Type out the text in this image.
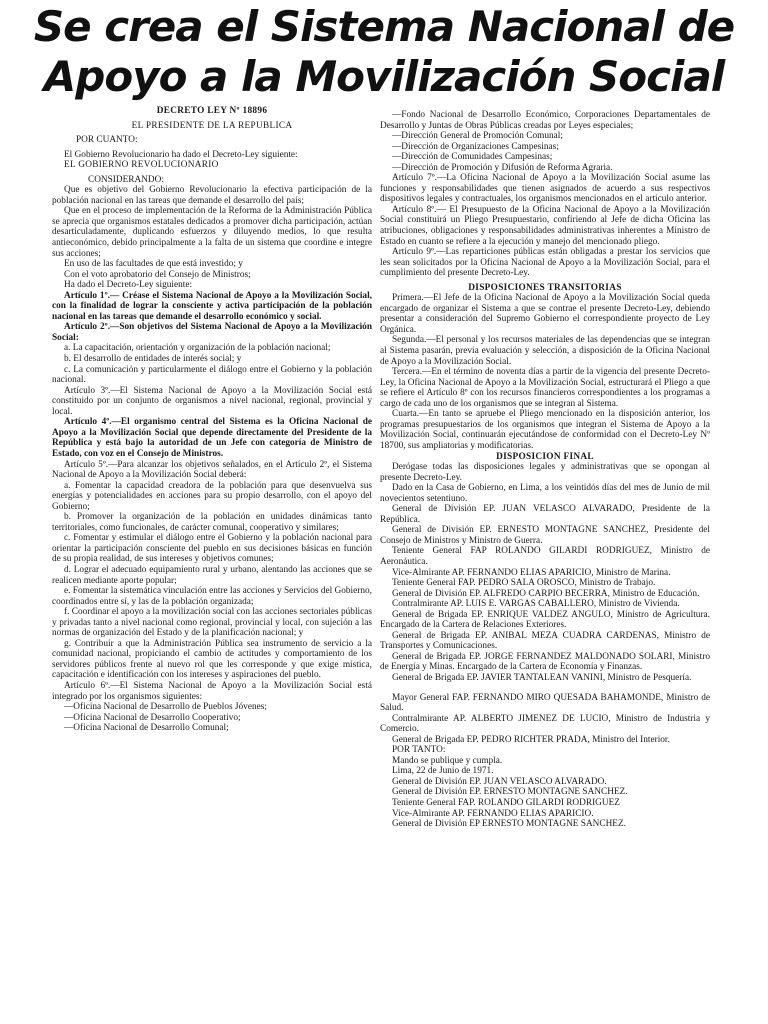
Se crea el Sistema Nacional de
Apoyo a la Movilización Social

DECRETO LEY Nº 18896

EL PRESIDENTE DE LA REPUBLICA

POR CUANTO:

El Gobierno Revolucionario ha dado el Decreto-Ley siguiente:

EL GOBIERNO REVOLUCIONARIO

CONSIDERANDO:

Que es objetivo del Gobierno Revolucionario la efectiva participación de la población nacional en las tareas que demande el desarrollo del país;

Que en el proceso de implementación de la Reforma de la Administración Pública se aprecia que organismos estatales dedicados a promover dicha participación, actúan desarticuladamente, duplicando esfuerzos y diluyendo medios, lo que resulta antieconómico, debido principalmente a la falta de un sistema que coordine e integre sus acciones;

En uso de las facultades de que está investido; y

Con el voto aprobatorio del Consejo de Ministros;

Ha dado el Decreto-Ley siguiente:

Artículo 1º.— Créase el Sistema Nacional de Apoyo a la Movilización Social, con la finalidad de lograr la consciente y activa participación de la población nacional en las tareas que demande el desarrollo económico y social.

Artículo 2º.—Son objetivos del Sistema Nacional de Apoyo a la Movilización Social:

a. La capacitación, orientación y organización de la población nacional;

b. El desarrollo de entidades de interés social; y

c. La comunicación y particularmente el diálogo entre el Gobierno y la población nacional.

Artículo 3º.—El Sistema Nacional de Apoyo a la Movilización Social está constituido por un conjunto de organismos a nivel nacional, regional, provincial y local.

Artículo 4º.—El organismo central del Sistema es la Oficina Nacional de Apoyo a la Movilización Social que depende directamente del Presidente de la República y está bajo la autoridad de un Jefe con categoría de Ministro de Estado, con voz en el Consejo de Ministros.

Artículo 5º.—Para alcanzar los objetivos señalados, en el Artículo 2º, el Sistema Nacional de Apoyo a la Movilización Social deberá:

a. Fomentar la capacidad creadora de la población para que desenvuelva sus energías y potencialidades en acciones para su propio desarrollo, con el apoyo del Gobierno;

b. Promover la organización de la población en unidades dinámicas tanto territoriales, como funcionales, de carácter comunal, cooperativo y similares;

c. Fomentar y estimular el diálogo entre el Gobierno y la población nacional para orientar la participación consciente del pueblo en sus decisiones básicas en función de su propia realidad, de sus intereses y objetivos comunes;

d. Lograr el adecuado equipamiento rural y urbano, alentando las acciones que se realicen mediante aporte popular;

e. Fomentar la sistemática vinculación entre las acciones y Servicios del Gobierno, coordinados entre sí, y las de la población organizada;

f. Coordinar el apoyo a la movilización social con las acciones sectoriales públicas y privadas tanto a nivel nacional como regional, provincial y local, con sujeción a las normas de organización del Estado y de la planificación nacional; y

g. Contribuir a que la Administración Pública sea instrumento de servicio a la comunidad nacional, propiciando el cambio de actitudes y comportamiento de los servidores públicos frente al nuevo rol que les corresponde y que exige mística, capacitación e identificación con los intereses y aspiraciones del pueblo.

Artículo 6º.—El Sistema Nacional de Apoyo a la Movilización Social está integrado por los organismos siguientes:

—Oficina Nacional de Desarrollo de Pueblos Jóvenes;
—Oficina Nacional de Desarrollo Cooperativo;
—Oficina Nacional de Desarrollo Comunal;
—Fondo Nacional de Desarrollo Económico, Corporaciones Departamentales de Desarrollo y Juntas de Obras Públicas creadas por Leyes especiales;
—Dirección General de Promoción Comunal;
—Dirección de Organizaciones Campesinas;
—Dirección de Comunidades Campesinas;
—Dirección de Promoción y Difusión de Reforma Agraria.

Artículo 7º.—La Oficina Nacional de Apoyo a la Movilización Social asume las funciones y responsabilidades que tienen asignados de acuerdo a sus respectivos dispositivos legales y contractuales, los organismos mencionados en el artículo anterior.

Artículo 8º.— El Presupuesto de la Oficina Nacional de Apoyo a la Movilización Social constituirá un Pliego Presupuestario, confiriendo al Jefe de dicha Oficina las atribuciones, obligaciones y responsabilidades administrativas inherentes a Ministro de Estado en cuanto se refiere a la ejecución y manejo del mencionado pliego.

Artículo 9º.—Las reparticiones públicas están obligadas a prestar los servicios que les sean solicitados por la Oficina Nacional de Apoyo a la Movilización Social, para el cumplimiento del presente Decreto-Ley.

DISPOSICIONES TRANSITORIAS

Primera.—El Jefe de la Oficina Nacional de Apoyo a la Movilización Social queda encargado de organizar el Sistema a que se contrae el presente Decreto-Ley, debiendo presentar a consideración del Supremo Gobierno el correspondiente proyecto de Ley Orgánica.

Segunda.—El personal y los recursos materiales de las dependencias que se integran al Sistema pasarán, previa evaluación y selección, a disposición de la Oficina Nacional de Apoyo a la Movilización Social.

Tercera.—En el término de noventa días a partir de la vigencia del presente Decreto-Ley, la Oficina Nacional de Apoyo a la Movilización Social, estructurará el Pliego a que se refiere el Artículo 8º con los recursos financieros correspondientes a los programas a cargo de cada uno de los organismos que se integran al Sistema.

Cuarta.—En tanto se apruebe el Pliego mencionado en la disposición anterior, los programas presupuestarios de los organismos que integran el Sistema de Apoyo a la Movilización Social, continuarán ejecutándose de conformidad con el Decreto-Ley Nº 18700, sus ampliatorias y modificatorias.

DISPOSICION FINAL

Derógase todas las disposiciones legales y administrativas que se opongan al presente Decreto-Ley.

Dado en la Casa de Gobierno, en Lima, a los veintidós días del mes de Junio de mil novecientos setentiuno.

General de División EP. JUAN VELASCO ALVARADO, Presidente de la República.

General de División EP. ERNESTO MONTAGNE SANCHEZ, Presidente del Consejo de Ministros y Ministro de Guerra.

Teniente General FAP ROLANDO GILARDI RODRIGUEZ, Ministro de Aeronáutica.

Vice-Almirante AP. FERNANDO ELIAS APARICIO, Ministro de Marina.

Teniente General FAP. PEDRO SALA OROSCO, Ministro de Trabajo.

General de División EP. ALFREDO CARPIO BECERRA, Ministro de Educación.

Contralmirante AP. LUIS E. VARGAS CABALLERO, Ministro de Vivienda.

General de Brigada EP. ENRIQUE VALDEZ ANGULO, Ministro de Agricultura. Encargado de la Cartera de Relaciones Exteriores.

General de Brigada EP. ANIBAL MEZA CUADRA CARDENAS, Ministro de Transportes y Comunicaciones.

General de Brigada EP. JORGE FERNANDEZ MALDONADO SOLARI, Ministro de Energía y Minas. Encargado de la Cartera de Economía y Finanzas.

General de Brigada EP. JAVIER TANTALEAN VANINI, Ministro de Pesquería.

Mayor General FAP. FERNANDO MIRO QUESADA BAHAMONDE, Ministro de Salud.

Contralmirante AP. ALBERTO JIMENEZ DE LUCIO, Ministro de Industria y Comercio.

General de Brigada EP. PEDRO RICHTER PRADA, Ministro del Interior.

POR TANTO:

Mando se publique y cumpla.

Lima, 22 de Junio de 1971.

General de División EP. JUAN VELASCO ALVARADO.

General de División EP. ERNESTO MONTAGNE SANCHEZ.

Teniente General FAP. ROLANDO GILARDI RODRIGUEZ

Vice-Almirante AP. FERNANDO ELIAS APARICIO.

General de División EP ERNESTO MONTAGNE SANCHEZ.
